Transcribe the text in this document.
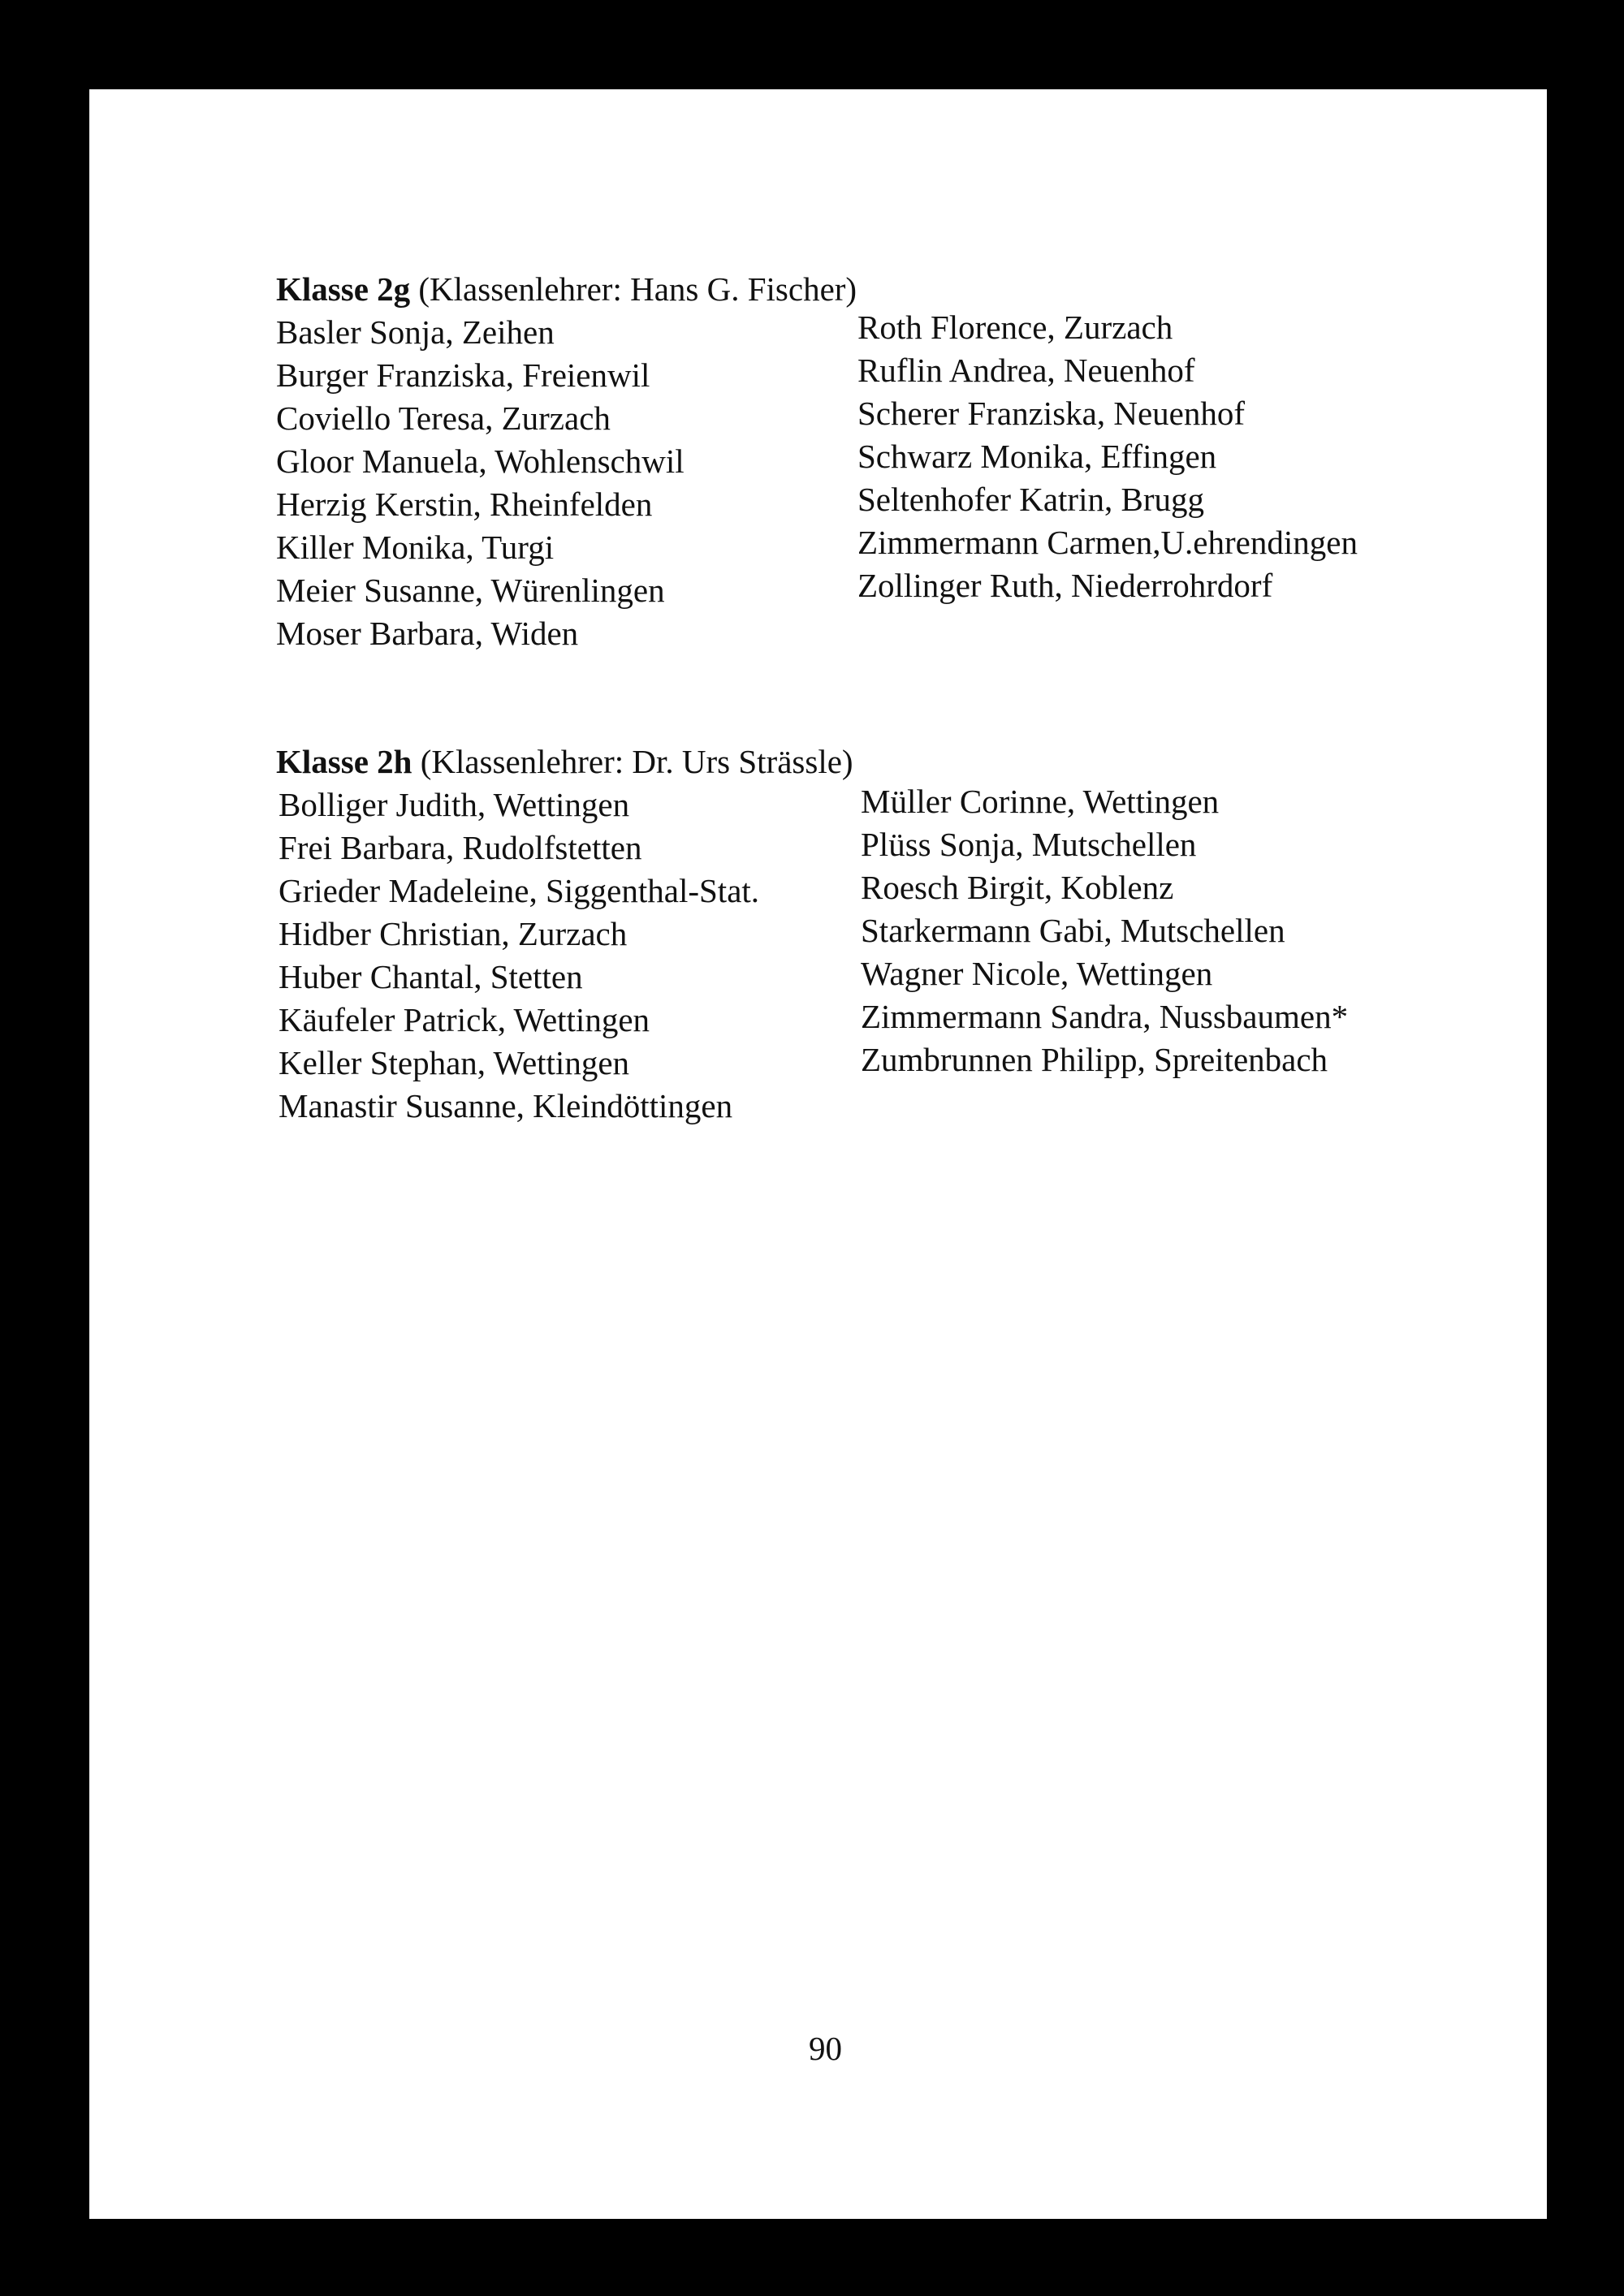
Klasse 2g (Klassenlehrer: Hans G. Fischer)
Basler Sonja, Zeihen
Burger Franziska, Freienwil
Coviello Teresa, Zurzach
Gloor Manuela, Wohlenschwil
Herzig Kerstin, Rheinfelden
Killer Monika, Turgi
Meier Susanne, Würenlingen
Moser Barbara, Widen
Roth Florence, Zurzach
Ruflin Andrea, Neuenhof
Scherer Franziska, Neuenhof
Schwarz Monika, Effingen
Seltenhofer Katrin, Brugg
Zimmermann Carmen,U.ehrendingen
Zollinger Ruth, Niederrohrdorf
Klasse 2h (Klassenlehrer: Dr. Urs Strässle)
Bolliger Judith, Wettingen
Frei Barbara, Rudolfstetten
Grieder Madeleine, Siggenthal-Stat.
Hidber Christian, Zurzach
Huber Chantal, Stetten
Käufeler Patrick, Wettingen
Keller Stephan, Wettingen
Manastir Susanne, Kleindöttingen
Müller Corinne, Wettingen
Plüss Sonja, Mutschellen
Roesch Birgit, Koblenz
Starkermann Gabi, Mutschellen
Wagner Nicole, Wettingen
Zimmermann Sandra, Nussbaumen*
Zumbrunnen Philipp, Spreitenbach
90
